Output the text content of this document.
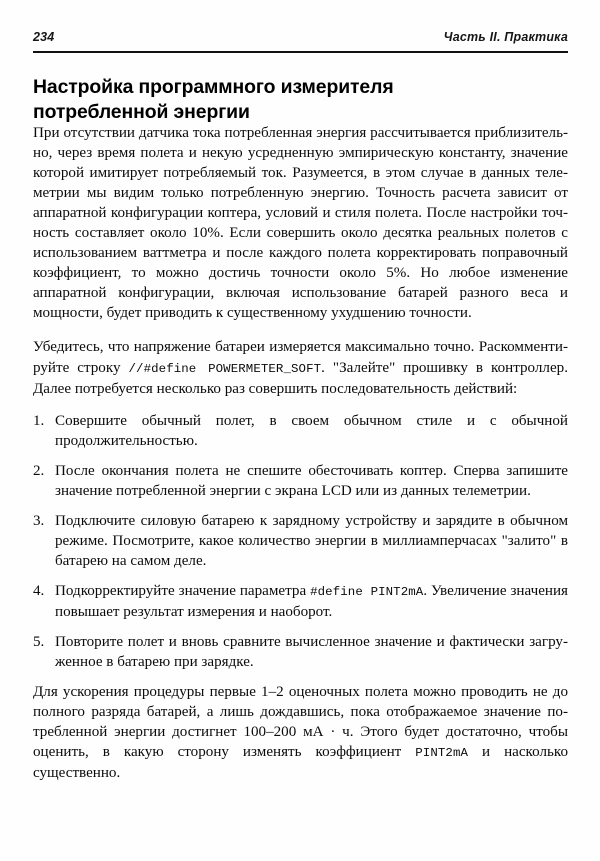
234	Часть II. Практика
Настройка программного измерителя
потребленной энергии

При отсутствии датчика тока потребленная энергия рассчитывается приблизительно, через время полета и некую усредненную эмпирическую константу, значение которой имитирует потребляемый ток. Разумеется, в этом случае в данных телеметрии мы видим только потребленную энергию. Точность расчета зависит от аппаратной конфигурации коптера, условий и стиля полета. После настройки точность составляет около 10%. Если совершить около десятка реальных полетов с использованием ваттметра и после каждого полета корректировать поправочный коэффициент, то можно достичь точности около 5%. Но любое изменение аппаратной конфигурации, включая использование батарей разного веса и мощности, будет приводить к существенному ухудшению точности.

Убедитесь, что напряжение батареи измеряется максимально точно. Раскомментируйте строку //#define POWERMETER_SOFT. "Залейте" прошивку в контроллер. Далее потребуется несколько раз совершить последовательность действий:

1. Совершите обычный полет, в своем обычном стиле и с обычной продолжительностью.
2. После окончания полета не спешите обесточивать коптер. Сперва запишите значение потребленной энергии с экрана LCD или из данных телеметрии.
3. Подключите силовую батарею к зарядному устройству и зарядите в обычном режиме. Посмотрите, какое количество энергии в миллиамперчасах "залито" в батарею на самом деле.
4. Подкорректируйте значение параметра #define PINT2mA. Увеличение значения повышает результат измерения и наоборот.
5. Повторите полет и вновь сравните вычисленное значение и фактически загруженное в батарею при зарядке.

Для ускорения процедуры первые 1–2 оценочных полета можно проводить не до полного разряда батарей, а лишь дождавшись, пока отображаемое значение потребленной энергии достигнет 100–200 мА · ч. Этого будет достаточно, чтобы оценить, в какую сторону изменять коэффициент PINT2mA и насколько существенно.
